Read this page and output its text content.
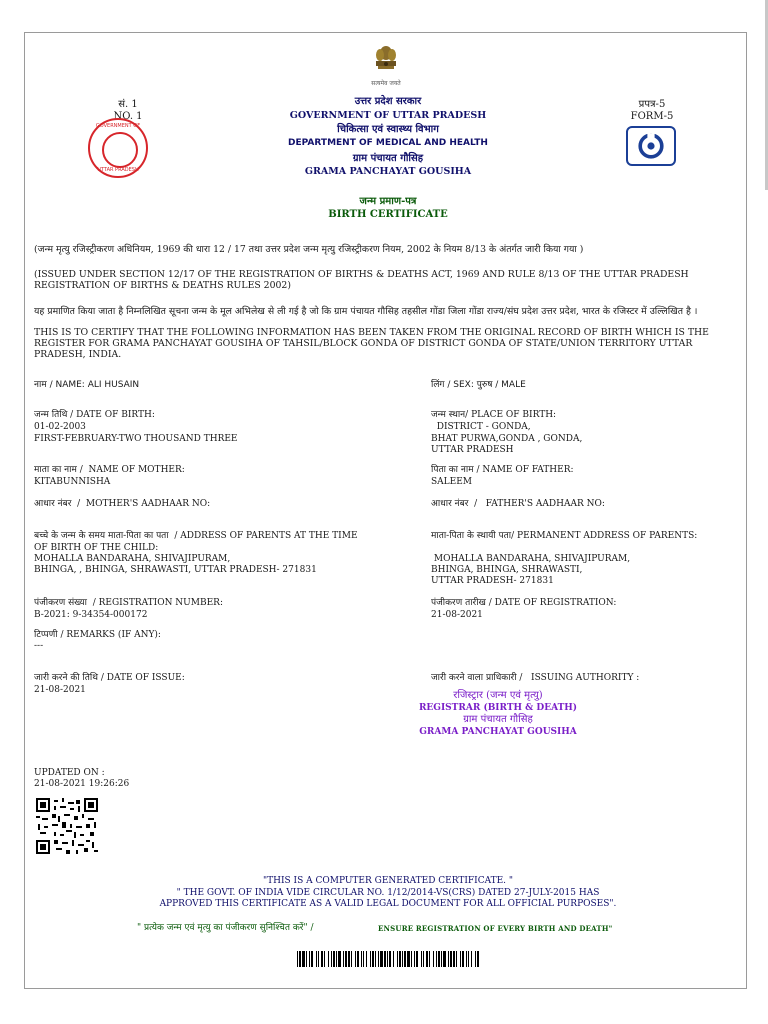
सत्यमेव जयते
सं. 1
NO. 1
GOVERNMENT OF
UTTAR PRADESH
उत्तर प्रदेश सरकार
GOVERNMENT OF UTTAR PRADESH
चिकित्सा एवं स्वास्थ्य विभाग
DEPARTMENT OF MEDICAL AND HEALTH
ग्राम पंचायत गौसिह
GRAMA PANCHAYAT GOUSIHA
प्रपत्र-5
FORM-5
जन्म प्रमाण-पत्र
BIRTH CERTIFICATE
(जन्म मृत्यु रजिस्ट्रीकरण अधिनियम, 1969 की धारा 12 / 17 तथा उत्तर प्रदेश जन्म मृत्यु रजिस्ट्रीकरण नियम, 2002 के नियम 8/13 के अंतर्गत जारी किया गया )
(ISSUED UNDER SECTION 12/17 OF THE REGISTRATION OF BIRTHS & DEATHS ACT, 1969 AND RULE 8/13 OF THE UTTAR PRADESH REGISTRATION OF BIRTHS & DEATHS RULES 2002)
यह प्रमाणित किया जाता है निम्नलिखित सूचना जन्म के मूल अभिलेख से ली गई है जो कि ग्राम पंचायत गौसिह तहसील गोंडा जिला गोंडा राज्य/संघ प्रदेश उत्तर प्रदेश, भारत के रजिस्टर में उल्लिखित है ।
THIS IS TO CERTIFY THAT THE FOLLOWING INFORMATION HAS BEEN TAKEN FROM THE ORIGINAL RECORD OF BIRTH WHICH IS THE REGISTER FOR GRAMA PANCHAYAT GOUSIHA OF TAHSIL/BLOCK GONDA OF DISTRICT GONDA OF STATE/UNION TERRITORY UTTAR PRADESH, INDIA.
नाम / NAME: ALI HUSAIN	लिंग / SEX: पुरुष / MALE
जन्म तिथि / DATE OF BIRTH:
01-02-2003
FIRST-FEBRUARY-TWO THOUSAND THREE
जन्म स्थान/ PLACE OF BIRTH:
DISTRICT - GONDA,
BHAT PURWA,GONDA , GONDA,
UTTAR PRADESH
माता का नाम /  NAME OF MOTHER:
KITABUNNISHA
पिता का नाम / NAME OF FATHER:
SALEEM
आधार नंबर  /  MOTHER'S AADHAAR NO:	आधार नंबर  /   FATHER'S AADHAAR NO:
बच्चे के जन्म के समय माता-पिता का पता  / ADDRESS OF PARENTS AT THE TIME
OF BIRTH OF THE CHILD:
MOHALLA BANDARAHA, SHIVAJIPURAM,
BHINGA, , BHINGA, SHRAWASTI, UTTAR PRADESH- 271831
माता-पिता के स्थायी पता/ PERMANENT ADDRESS OF PARENTS:
MOHALLA BANDARAHA, SHIVAJIPURAM,
BHINGA, BHINGA, SHRAWASTI,
UTTAR PRADESH- 271831
पंजीकरण संख्या  / REGISTRATION NUMBER:
B-2021: 9-34354-000172
पंजीकरण तारीख / DATE OF REGISTRATION:
21-08-2021
टिप्पणी / REMARKS (IF ANY):
---
जारी करने की तिथि / DATE OF ISSUE:
21-08-2021
जारी करने वाला प्राधिकारी /   ISSUING AUTHORITY :
रजिस्ट्रार (जन्म एवं मृत्यु)
REGISTRAR (BIRTH & DEATH)
ग्राम पंचायत गौसिह
GRAMA PANCHAYAT GOUSIHA
UPDATED ON :
21-08-2021 19:26:26
"THIS IS A COMPUTER GENERATED CERTIFICATE. "
" THE GOVT. OF INDIA VIDE CIRCULAR NO. 1/12/2014-VS(CRS) DATED 27-JULY-2015 HAS
APPROVED THIS CERTIFICATE AS A VALID LEGAL DOCUMENT FOR ALL OFFICIAL PURPOSES".
" प्रत्येक जन्म एवं मृत्यु का पंजीकरण सुनिश्चित करें" /	ENSURE REGISTRATION OF EVERY BIRTH AND DEATH"
